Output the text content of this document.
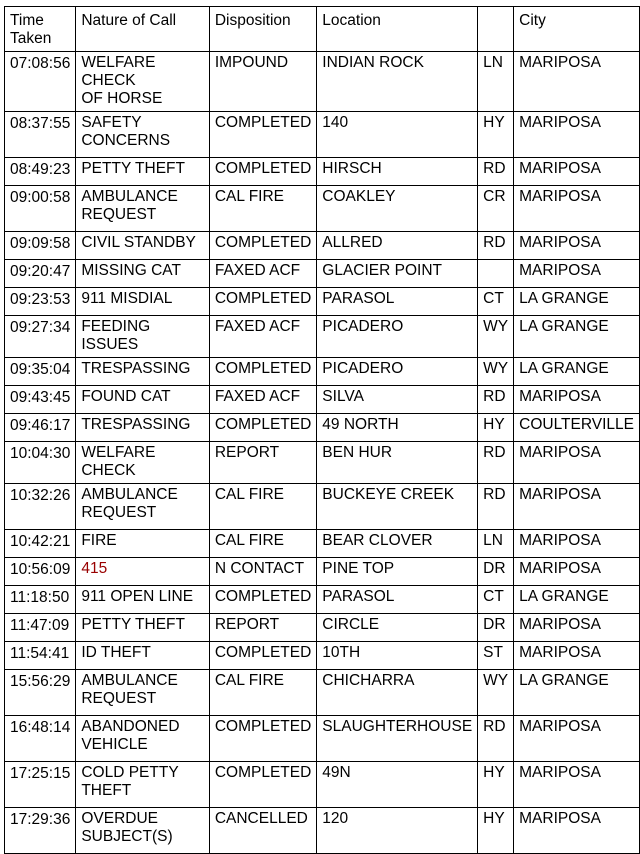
Time
Taken	Nature of Call	Disposition	Location		City
07:08:56	WELFARE CHECK
OF HORSE	IMPOUND	INDIAN ROCK	LN	MARIPOSA
08:37:55	SAFETY
CONCERNS	COMPLETED	140	HY	MARIPOSA
08:49:23	PETTY THEFT	COMPLETED	HIRSCH	RD	MARIPOSA
09:00:58	AMBULANCE
REQUEST	CAL FIRE	COAKLEY	CR	MARIPOSA
09:09:58	CIVIL STANDBY	COMPLETED	ALLRED	RD	MARIPOSA
09:20:47	MISSING CAT	FAXED ACF	GLACIER POINT		MARIPOSA
09:23:53	911 MISDIAL	COMPLETED	PARASOL	CT	LA GRANGE
09:27:34	FEEDING ISSUES	FAXED ACF	PICADERO	WY	LA GRANGE
09:35:04	TRESPASSING	COMPLETED	PICADERO	WY	LA GRANGE
09:43:45	FOUND CAT	FAXED ACF	SILVA	RD	MARIPOSA
09:46:17	TRESPASSING	COMPLETED	49 NORTH	HY	COULTERVILLE
10:04:30	WELFARE CHECK	REPORT	BEN HUR	RD	MARIPOSA
10:32:26	AMBULANCE
REQUEST	CAL FIRE	BUCKEYE CREEK	RD	MARIPOSA
10:42:21	FIRE	CAL FIRE	BEAR CLOVER	LN	MARIPOSA
10:56:09	415	N CONTACT	PINE TOP	DR	MARIPOSA
11:18:50	911 OPEN LINE	COMPLETED	PARASOL	CT	LA GRANGE
11:47:09	PETTY THEFT	REPORT	CIRCLE	DR	MARIPOSA
11:54:41	ID THEFT	COMPLETED	10TH	ST	MARIPOSA
15:56:29	AMBULANCE
REQUEST	CAL FIRE	CHICHARRA	WY	LA GRANGE
16:48:14	ABANDONED
VEHICLE	COMPLETED	SLAUGHTERHOUSE	RD	MARIPOSA
17:25:15	COLD PETTY
THEFT	COMPLETED	49N	HY	MARIPOSA
17:29:36	OVERDUE
SUBJECT(S)	CANCELLED	120	HY	MARIPOSA
